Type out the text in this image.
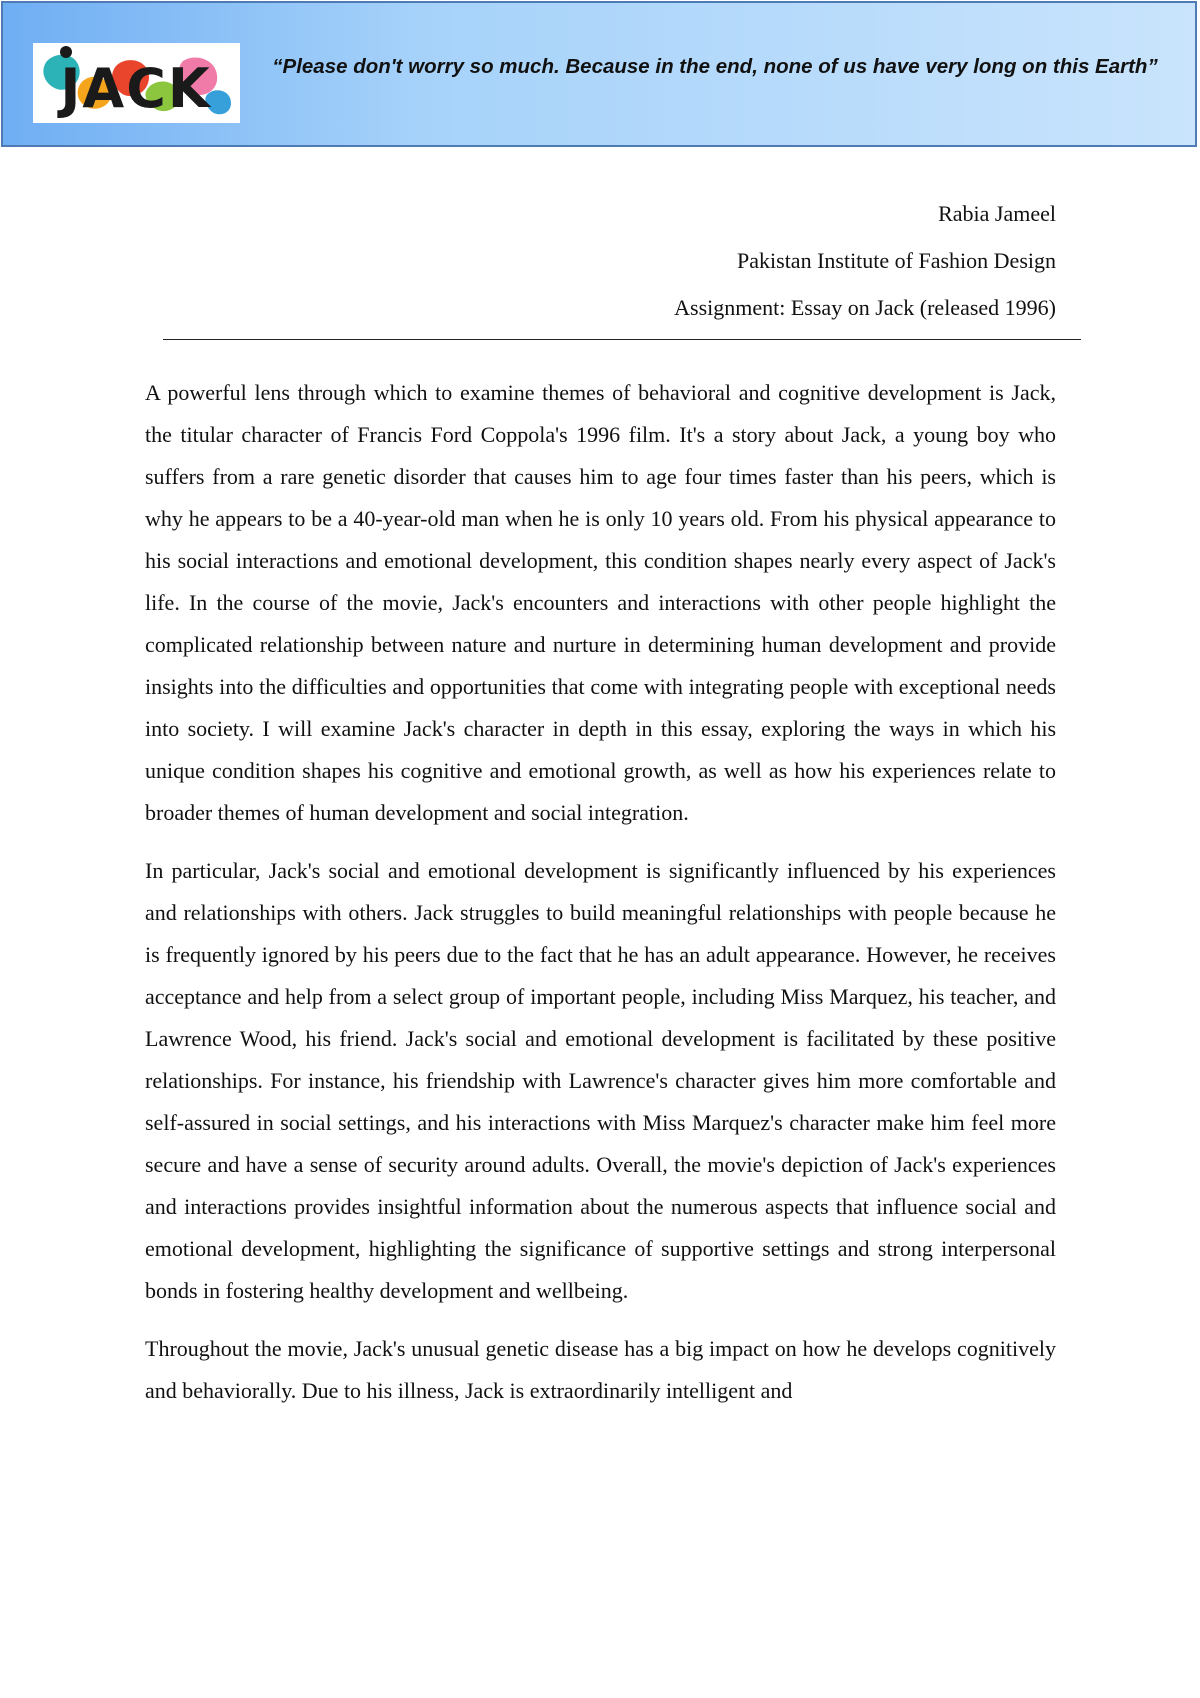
JACK	“Please don't worry so much. Because in the end, none of us have very long on this Earth”
Rabia Jameel
Pakistan Institute of Fashion Design
Assignment: Essay on Jack (released 1996)

A powerful lens through which to examine themes of behavioral and cognitive development is Jack, the titular character of Francis Ford Coppola's 1996 film. It's a story about Jack, a young boy who suffers from a rare genetic disorder that causes him to age four times faster than his peers, which is why he appears to be a 40-year-old man when he is only 10 years old. From his physical appearance to his social interactions and emotional development, this condition shapes nearly every aspect of Jack's life. In the course of the movie, Jack's encounters and interactions with other people highlight the complicated relationship between nature and nurture in determining human development and provide insights into the difficulties and opportunities that come with integrating people with exceptional needs into society. I will examine Jack's character in depth in this essay, exploring the ways in which his unique condition shapes his cognitive and emotional growth, as well as how his experiences relate to broader themes of human development and social integration.

In particular, Jack's social and emotional development is significantly influenced by his experiences and relationships with others. Jack struggles to build meaningful relationships with people because he is frequently ignored by his peers due to the fact that he has an adult appearance. However, he receives acceptance and help from a select group of important people, including Miss Marquez, his teacher, and Lawrence Wood, his friend. Jack's social and emotional development is facilitated by these positive relationships. For instance, his friendship with Lawrence's character gives him more comfortable and self-assured in social settings, and his interactions with Miss Marquez's character make him feel more secure and have a sense of security around adults. Overall, the movie's depiction of Jack's experiences and interactions provides insightful information about the numerous aspects that influence social and emotional development, highlighting the significance of supportive settings and strong interpersonal bonds in fostering healthy development and wellbeing.

Throughout the movie, Jack's unusual genetic disease has a big impact on how he develops cognitively and behaviorally. Due to his illness, Jack is extraordinarily intelligent and
